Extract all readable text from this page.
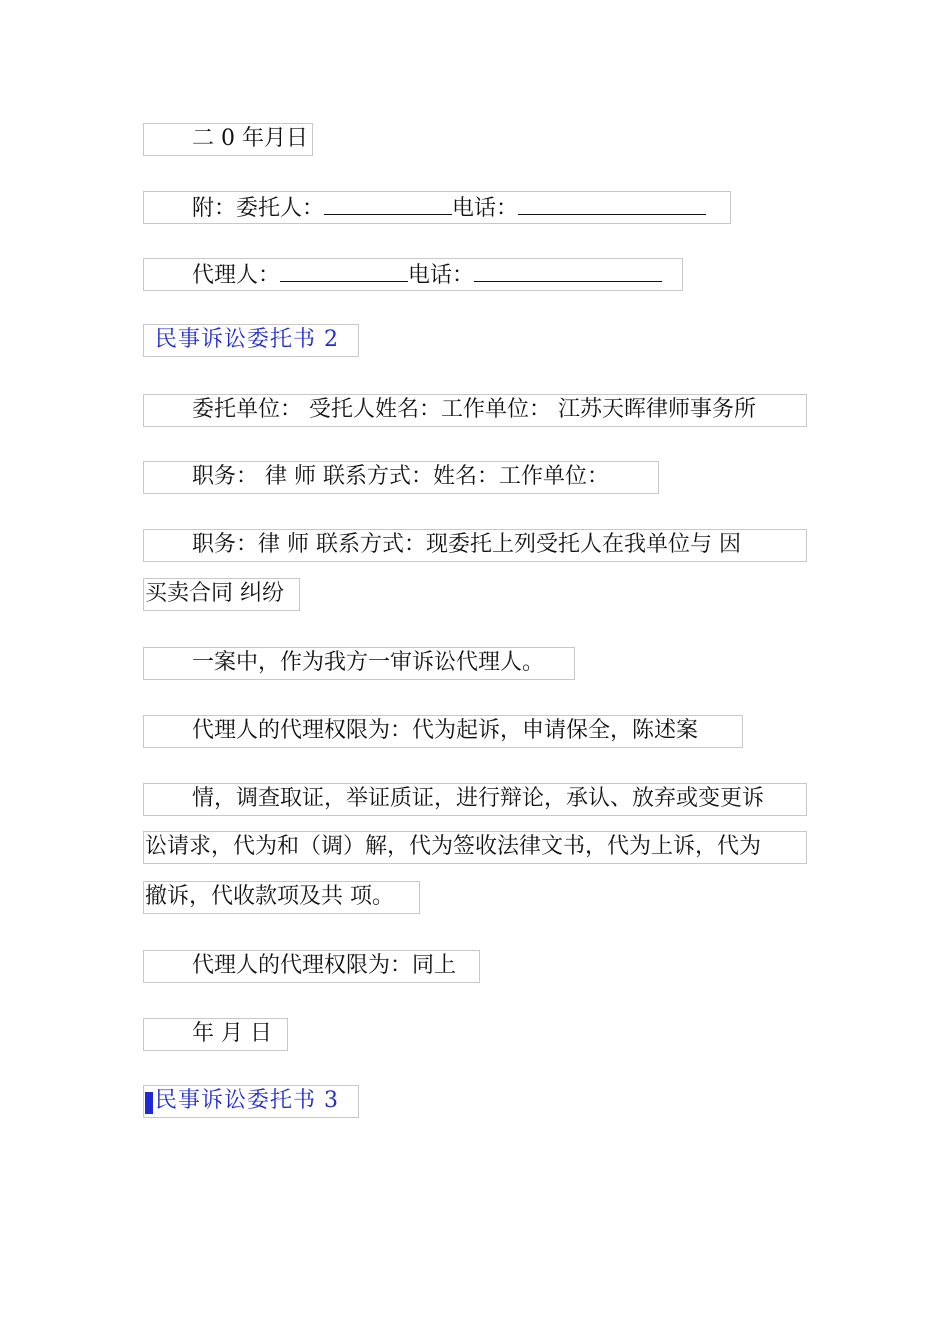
二 0 年月日
附：委托人：	电话：
代理人：	电话：
民事诉讼委托书 2
委托单位： 受托人姓名：工作单位： 江苏天晖律师事务所
职务： 律 师 联系方式：姓名：工作单位：
职务：律 师 联系方式：现委托上列受托人在我单位与 因
买卖合同 纠纷
一案中，作为我方一审诉讼代理人。
代理人的代理权限为：代为起诉，申请保全，陈述案
情，调查取证，举证质证，进行辩论，承认、放弃或变更诉
讼请求，代为和（调）解，代为签收法律文书，代为上诉，代为
撤诉，代收款项及共 项。
代理人的代理权限为：同上
年 月 日
民事诉讼委托书 3
